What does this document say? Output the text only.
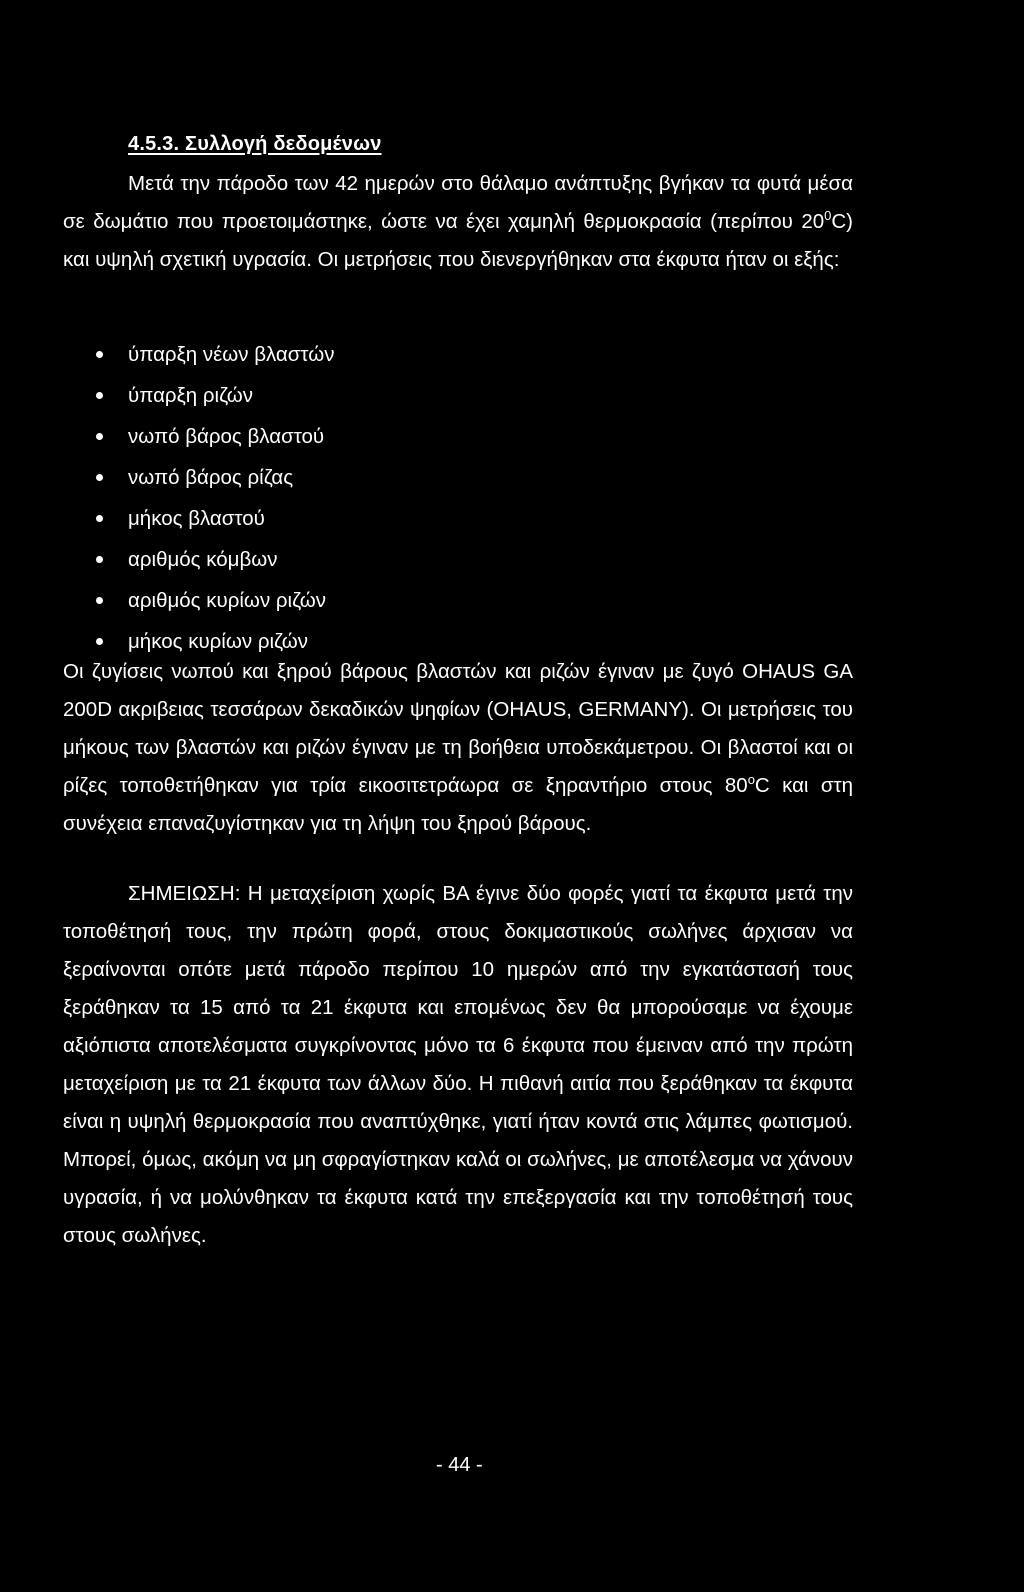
4.5.3. Συλλογή δεδομένων

Μετά την πάροδο των 42 ημερών στο θάλαμο ανάπτυξης βγήκαν τα φυτά μέσα σε δωμάτιο που προετοιμάστηκε, ώστε να έχει χαμηλή θερμοκρασία (περίπου $20^0C$) και υψηλή σχετική υγρασία. Οι μετρήσεις που διενεργήθηκαν στα έκφυτα ήταν οι εξής:

ύπαρξη νέων βλαστών
ύπαρξη ριζών
νωπό βάρος βλαστού
νωπό βάρος ρίζας
μήκος βλαστού
αριθμός κόμβων
αριθμός κυρίων ριζών
μήκος κυρίων ριζών

Οι ζυγίσεις νωπού και ξηρού βάρους βλαστών και ριζών έγιναν με ζυγό OHAUS GA 200D ακριβειας τεσσάρων δεκαδικών ψηφίων (OHAUS, GERMANY). Οι μετρήσεις του μήκους των βλαστών και ριζών έγιναν με τη βοήθεια υποδεκάμετρου. Οι βλαστοί και οι ρίζες τοποθετήθηκαν για τρία εικοσιτετράωρα σε ξηραντήριο στους 80$^o$C και στη συνέχεια επαναζυγίστηκαν για τη λήψη του ξηρού βάρους.

ΣΗΜΕΙΩΣΗ: Η μεταχείριση χωρίς ΒΑ έγινε δύο φορές γιατί τα έκφυτα μετά την τοποθέτησή τους, την πρώτη φορά, στους δοκιμαστικούς σωλήνες άρχισαν να ξεραίνονται οπότε μετά πάροδο περίπου 10 ημερών από την εγκατάστασή τους ξεράθηκαν τα 15 από τα 21 έκφυτα και επομένως δεν θα μπορούσαμε να έχουμε αξιόπιστα αποτελέσματα συγκρίνοντας μόνο τα 6 έκφυτα που έμειναν από την πρώτη μεταχείριση με τα 21 έκφυτα των άλλων δύο. Η πιθανή αιτία που ξεράθηκαν τα έκφυτα είναι η υψηλή θερμοκρασία που αναπτύχθηκε, γιατί ήταν κοντά στις λάμπες φωτισμού. Μπορεί, όμως, ακόμη να μη σφραγίστηκαν καλά οι σωλήνες, με αποτέλεσμα να χάνουν υγρασία, ή να μολύνθηκαν τα έκφυτα κατά την επεξεργασία και την τοποθέτησή τους στους σωλήνες.

- 44 -
